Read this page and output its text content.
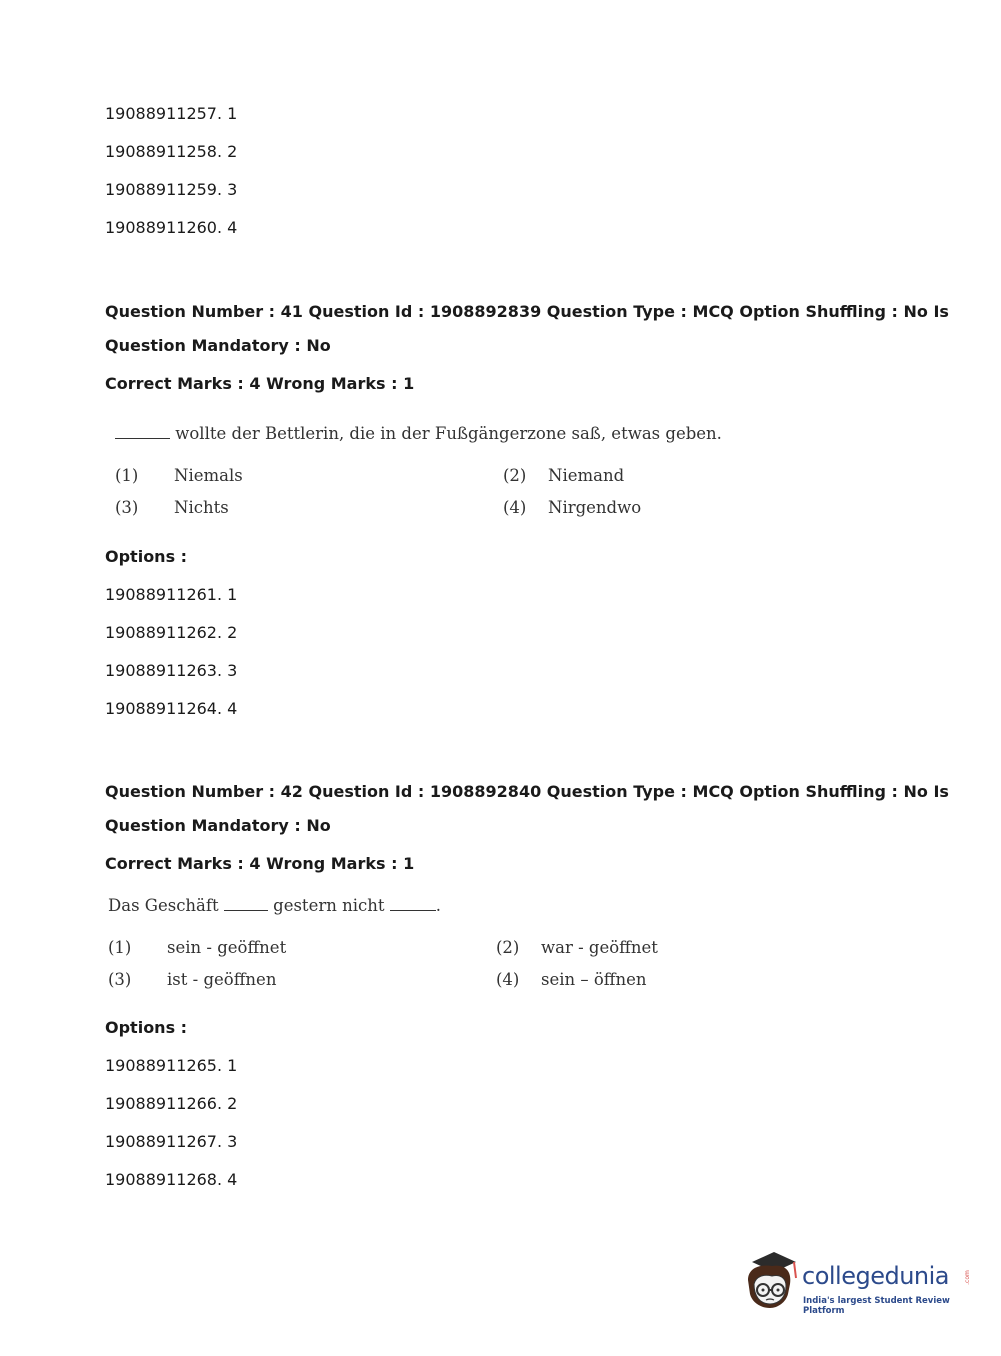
19088911257. 1
19088911258. 2
19088911259. 3
19088911260. 4
Question Number : 41 Question Id : 1908892839 Question Type : MCQ Option Shuffling : No Is
Question Mandatory : No
Correct Marks : 4 Wrong Marks : 1
wollte der Bettlerin, die in der Fußgängerzone saß, etwas geben.
(1) Niemals	(2) Niemand
(3) Nichts	(4) Nirgendwo
Options :
19088911261. 1
19088911262. 2
19088911263. 3
19088911264. 4
Question Number : 42 Question Id : 1908892840 Question Type : MCQ Option Shuffling : No Is
Question Mandatory : No
Correct Marks : 4 Wrong Marks : 1
Das Geschäft	gestern nicht	.
(1) sein - geöffnet	(2) war - geöffnet
(3) ist - geöffnen	(4) sein – öffnen
Options :
19088911265. 1
19088911266. 2
19088911267. 3
19088911268. 4
collegedunia .com
India's largest Student Review Platform
